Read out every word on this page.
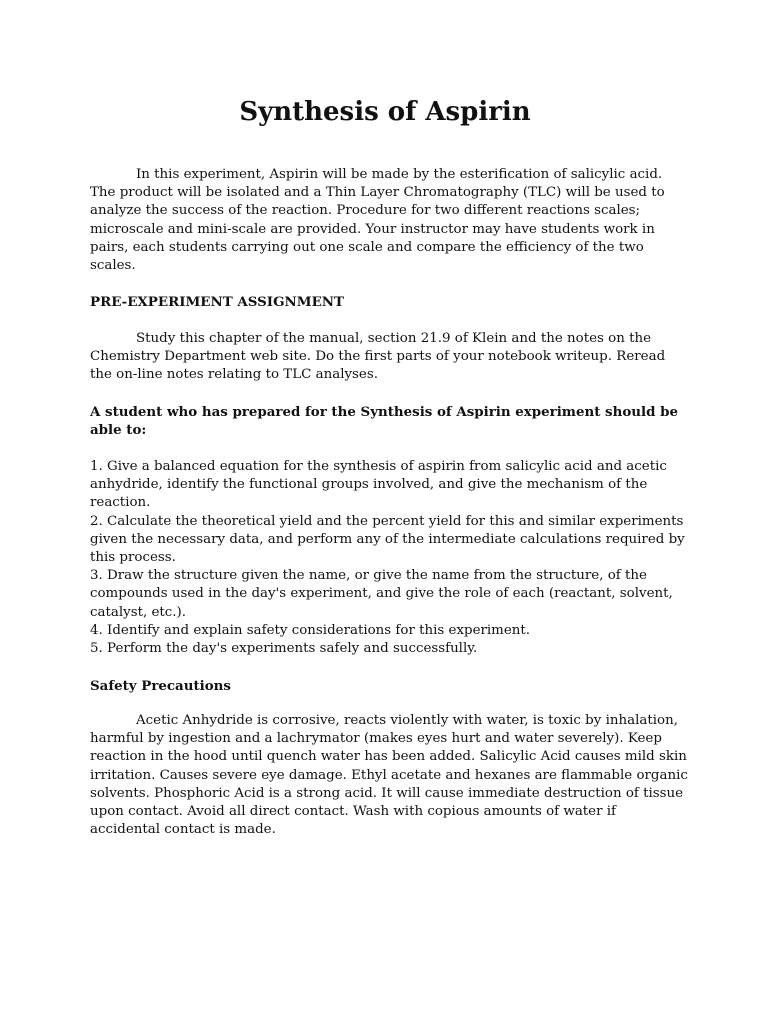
Synthesis of Aspirin

In this experiment, Aspirin will be made by the esterification of salicylic acid. The product will be isolated and a Thin Layer Chromatography (TLC) will be used to analyze the success of the reaction. Procedure for two different reactions scales; microscale and mini-scale are provided. Your instructor may have students work in pairs, each students carrying out one scale and compare the efficiency of the two scales.

PRE-EXPERIMENT ASSIGNMENT

Study this chapter of the manual, section 21.9 of Klein and the notes on the Chemistry Department web site. Do the first parts of your notebook writeup. Reread the on-line notes relating to TLC analyses.

A student who has prepared for the Synthesis of Aspirin experiment should be able to:

1. Give a balanced equation for the synthesis of aspirin from salicylic acid and acetic anhydride, identify the functional groups involved, and give the mechanism of the reaction.
2. Calculate the theoretical yield and the percent yield for this and similar experiments given the necessary data, and perform any of the intermediate calculations required by this process.
3. Draw the structure given the name, or give the name from the structure, of the compounds used in the day's experiment, and give the role of each (reactant, solvent, catalyst, etc.).
4. Identify and explain safety considerations for this experiment.
5. Perform the day's experiments safely and successfully.

Safety Precautions

Acetic Anhydride is corrosive, reacts violently with water, is toxic by inhalation, harmful by ingestion and a lachrymator (makes eyes hurt and water severely). Keep reaction in the hood until quench water has been added. Salicylic Acid causes mild skin irritation. Causes severe eye damage. Ethyl acetate and hexanes are flammable organic solvents. Phosphoric Acid is a strong acid. It will cause immediate destruction of tissue upon contact. Avoid all direct contact. Wash with copious amounts of water if accidental contact is made.
